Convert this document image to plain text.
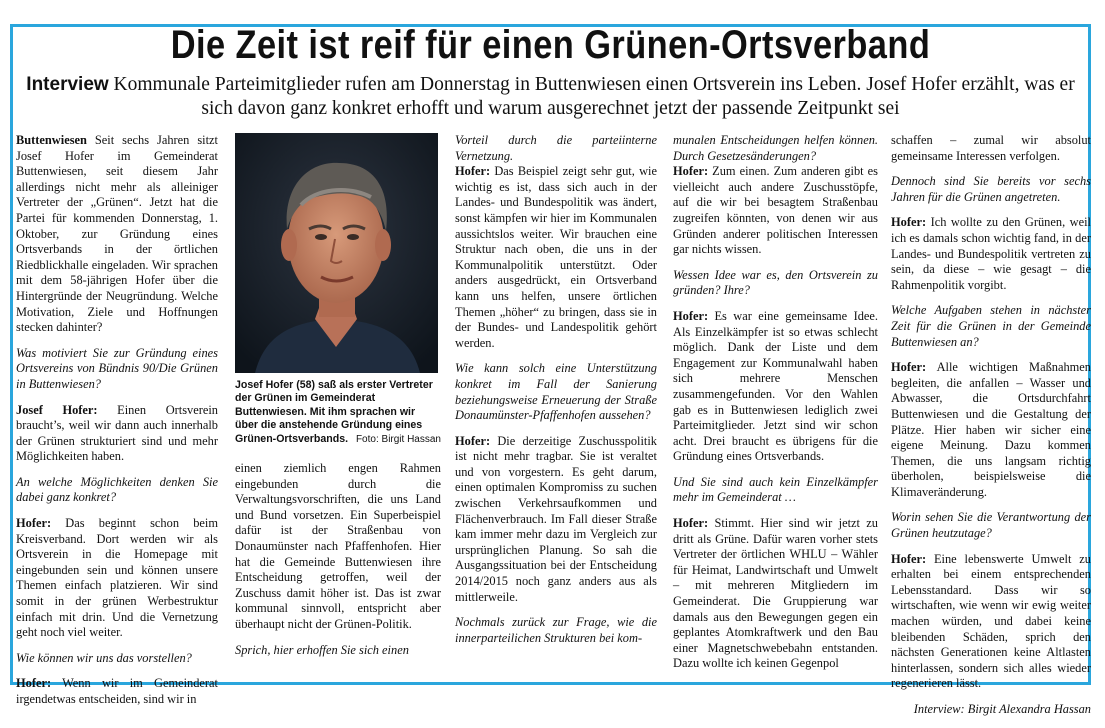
Die Zeit ist reif für einen Grünen-Ortsverband
Interview Kommunale Parteimitglieder rufen am Donnerstag in Buttenwiesen einen Ortsverein ins Leben. Josef Hofer erzählt, was er sich davon ganz konkret erhofft und warum ausgerechnet jetzt der passende Zeitpunkt sei

Buttenwiesen Seit sechs Jahren sitzt Josef Hofer im Gemeinderat Buttenwiesen, seit diesem Jahr allerdings nicht mehr als alleiniger Vertreter der „Grünen“. Jetzt hat die Partei für kommenden Donnerstag, 1. Oktober, zur Gründung eines Ortsverbands in der örtlichen Riedblickhalle eingeladen. Wir sprachen mit dem 58-jährigen Hofer über die Hintergründe der Neugründung. Welche Motivation, Ziele und Hoffnungen stecken dahinter?

Was motiviert Sie zur Gründung eines Ortsvereins von Bündnis 90/Die Grünen in Buttenwiesen?

Josef Hofer: Einen Ortsverein braucht’s, weil wir dann auch innerhalb der Grünen strukturiert sind und mehr Möglichkeiten haben.

An welche Möglichkeiten denken Sie dabei ganz konkret?

Hofer: Das beginnt schon beim Kreisverband. Dort werden wir als Ortsverein in die Homepage mit eingebunden sein und können unsere Themen einfach platzieren. Wir sind somit in der grünen Werbestruktur einfach mit drin. Und die Vernetzung geht noch viel weiter.

Wie können wir uns das vorstellen?

Hofer: Wenn wir im Gemeinderat irgendetwas entscheiden, sind wir in

Josef Hofer (58) saß als erster Vertreter der Grünen im Gemeinderat Buttenwiesen. Mit ihm sprachen wir über die anstehende Gründung eines Grünen-Ortsverbands. Foto: Birgit Hassan

einen ziemlich engen Rahmen eingebunden durch die Verwaltungsvorschriften, die uns Land und Bund vorsetzen. Ein Superbeispiel dafür ist der Straßenbau von Donaumünster nach Pfaffenhofen. Hier hat die Gemeinde Buttenwiesen ihre Entscheidung getroffen, weil der Zuschuss damit höher ist. Das ist zwar kommunal sinnvoll, entspricht aber überhaupt nicht der Grünen-Politik.

Sprich, hier erhoffen Sie sich einen

Vorteil durch die parteiinterne Vernetzung.
Hofer: Das Beispiel zeigt sehr gut, wie wichtig es ist, dass sich auch in der Landes- und Bundespolitik was ändert, sonst kämpfen wir hier im Kommunalen aussichtslos weiter. Wir brauchen eine Struktur nach oben, die uns in der Kommunalpolitik unterstützt. Oder anders ausgedrückt, ein Ortsverband kann uns helfen, unsere örtlichen Themen „höher“ zu bringen, dass sie in der Bundes- und Landespolitik gehört werden.

Wie kann solch eine Unterstützung konkret im Fall der Sanierung beziehungsweise Erneuerung der Straße Donaumünster-Pfaffenhofen aussehen?

Hofer: Die derzeitige Zuschusspolitik ist nicht mehr tragbar. Sie ist veraltet und von vorgestern. Es geht darum, einen optimalen Kompromiss zu suchen zwischen Verkehrsaufkommen und Flächenverbrauch. Im Fall dieser Straße kam immer mehr dazu im Vergleich zur ursprünglichen Planung. So sah die Ausgangssituation bei der Entscheidung 2014/2015 noch ganz anders aus als mittlerweile.

Nochmals zurück zur Frage, wie die innerparteilichen Strukturen bei kom-

munalen Entscheidungen helfen können. Durch Gesetzesänderungen?
Hofer: Zum einen. Zum anderen gibt es vielleicht auch andere Zuschusstöpfe, auf die wir bei besagtem Straßenbau zugreifen könnten, von denen wir aus Gründen anderer politischen Interessen gar nichts wissen.

Wessen Idee war es, den Ortsverein zu gründen? Ihre?

Hofer: Es war eine gemeinsame Idee. Als Einzelkämpfer ist so etwas schlecht möglich. Dank der Liste und dem Engagement zur Kommunalwahl haben sich mehrere Menschen zusammengefunden. Vor den Wahlen gab es in Buttenwiesen lediglich zwei Parteimitglieder. Jetzt sind wir schon acht. Drei braucht es übrigens für die Gründung eines Ortsverbands.

Und Sie sind auch kein Einzelkämpfer mehr im Gemeinderat …

Hofer: Stimmt. Hier sind wir jetzt zu dritt als Grüne. Dafür waren vorher stets Vertreter der örtlichen WHLU – Wähler für Heimat, Landwirtschaft und Umwelt – mit mehreren Mitgliedern im Gemeinderat. Die Gruppierung war damals aus den Bewegungen gegen ein geplantes Atomkraftwerk und den Bau einer Magnetschwebebahn entstanden. Dazu wollte ich keinen Gegenpol

schaffen – zumal wir absolut gemeinsame Interessen verfolgen.

Dennoch sind Sie bereits vor sechs Jahren für die Grünen angetreten.

Hofer: Ich wollte zu den Grünen, weil ich es damals schon wichtig fand, in der Landes- und Bundespolitik vertreten zu sein, da diese – wie gesagt – die Rahmenpolitik vorgibt.

Welche Aufgaben stehen in nächster Zeit für die Grünen in der Gemeinde Buttenwiesen an?

Hofer: Alle wichtigen Maßnahmen begleiten, die anfallen – Wasser und Abwasser, die Ortsdurchfahrt Buttenwiesen und die Gestaltung der Plätze. Hier haben wir sicher eine eigene Meinung. Dazu kommen Themen, die uns langsam richtig überholen, beispielsweise die Klimaveränderung.

Worin sehen Sie die Verantwortung der Grünen heutzutage?

Hofer: Eine lebenswerte Umwelt zu erhalten bei einem entsprechenden Lebensstandard. Dass wir so wirtschaften, wie wenn wir ewig weiter machen würden, und dabei keine bleibenden Schäden, sprich den nächsten Generationen keine Altlasten hinterlassen, sondern sich alles wieder regenerieren lässt.

Interview: Birgit Alexandra Hassan
